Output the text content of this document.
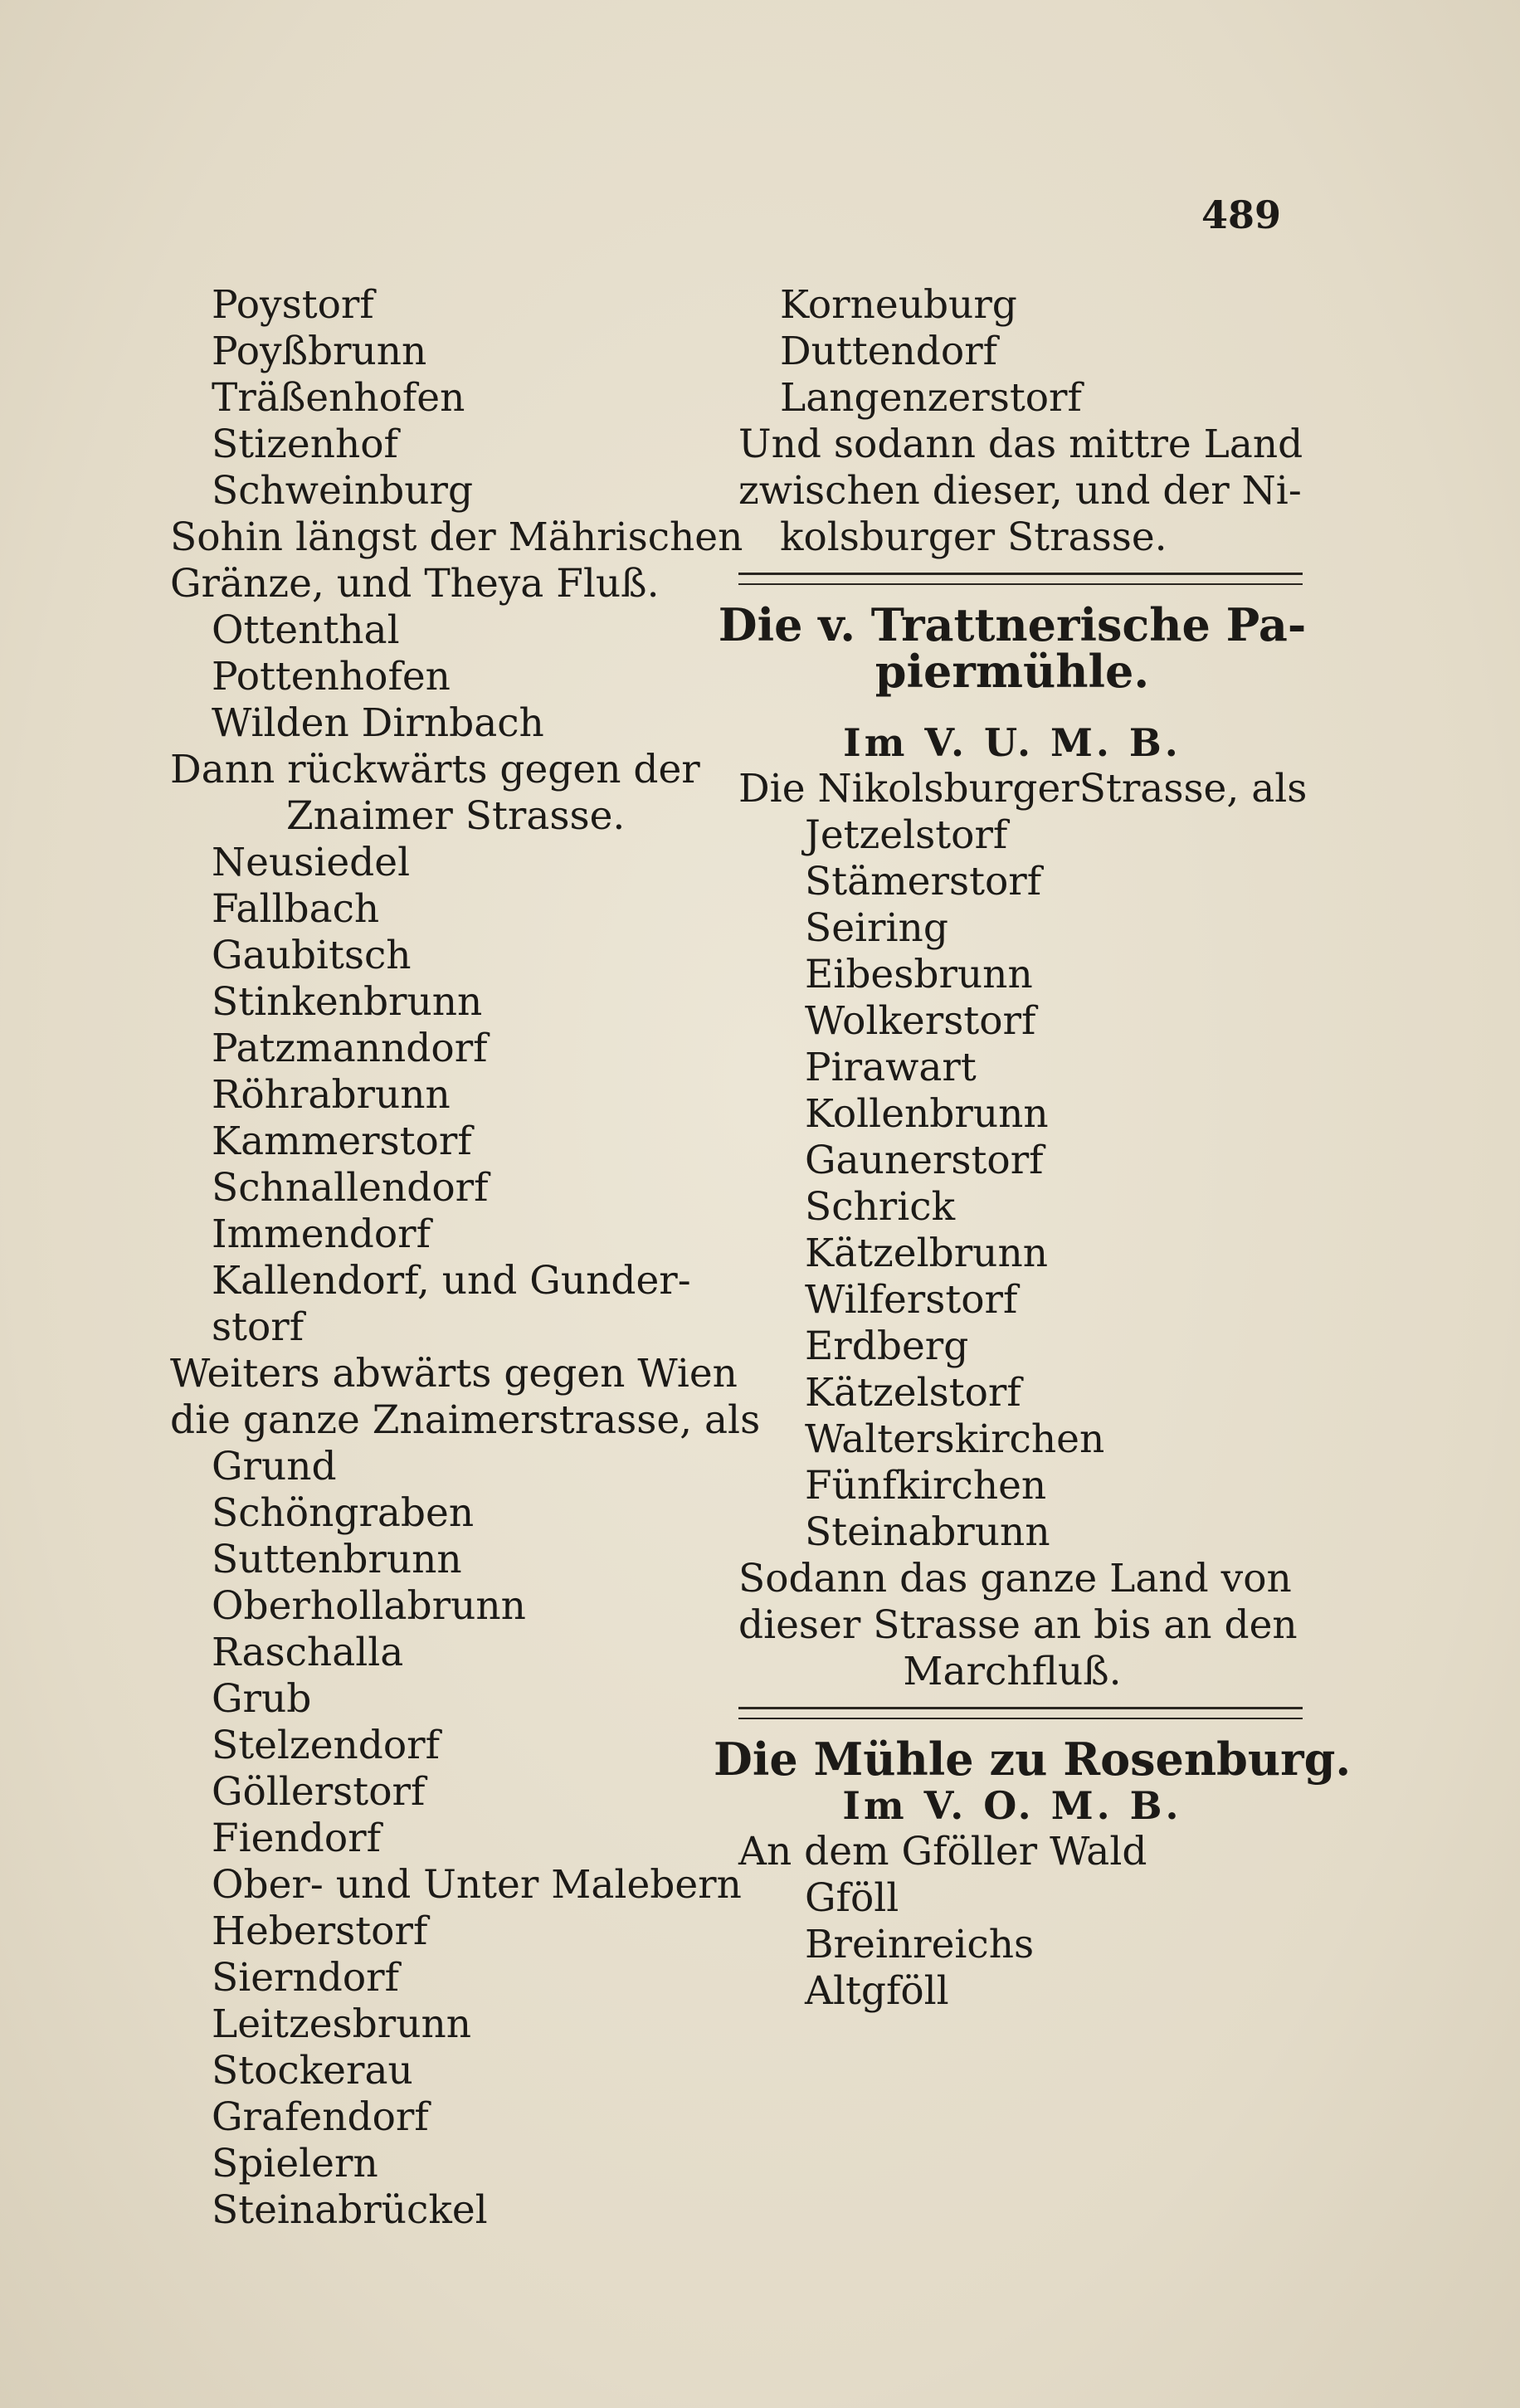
489
Poystorf
Poyßbrunn
Träßenhofen
Stizenhof
Schweinburg
Sohin längst der Mährischen
Gränze, und Theya Fluß.
Ottenthal
Pottenhofen
Wilden Dirnbach
Dann rückwärts gegen der
Znaimer Strasse.
Neusiedel
Fallbach
Gaubitsch
Stinkenbrunn
Patzmanndorf
Röhrabrunn
Kammerstorf
Schnallendorf
Immendorf
Kallendorf, und Gunder-
storf
Weiters abwärts gegen Wien
die ganze Znaimerstrasse, als
Grund
Schöngraben
Suttenbrunn
Oberhollabrunn
Raschalla
Grub
Stelzendorf
Göllerstorf
Fiendorf
Ober- und Unter Malebern
Heberstorf
Sierndorf
Leitzesbrunn
Stockerau
Grafendorf
Spielern
Steinabrückel
Korneuburg
Duttendorf
Langenzerstorf
Und sodann das mittre Land
zwischen dieser, und der Ni-
kolsburger Strasse.
Die v. Trattnerische Pa-
piermühle.
Im V. U. M. B.
Die NikolsburgerStrasse, als
Jetzelstorf
Stämerstorf
Seiring
Eibesbrunn
Wolkerstorf
Pirawart
Kollenbrunn
Gaunerstorf
Schrick
Kätzelbrunn
Wilferstorf
Erdberg
Kätzelstorf
Walterskirchen
Fünfkirchen
Steinabrunn
Sodann das ganze Land von
dieser Strasse an bis an den
Marchfluß.
Die Mühle zu Rosenburg.
Im V. O. M. B.
An dem Gföller Wald
Gföll
Breinreichs
Altgföll
